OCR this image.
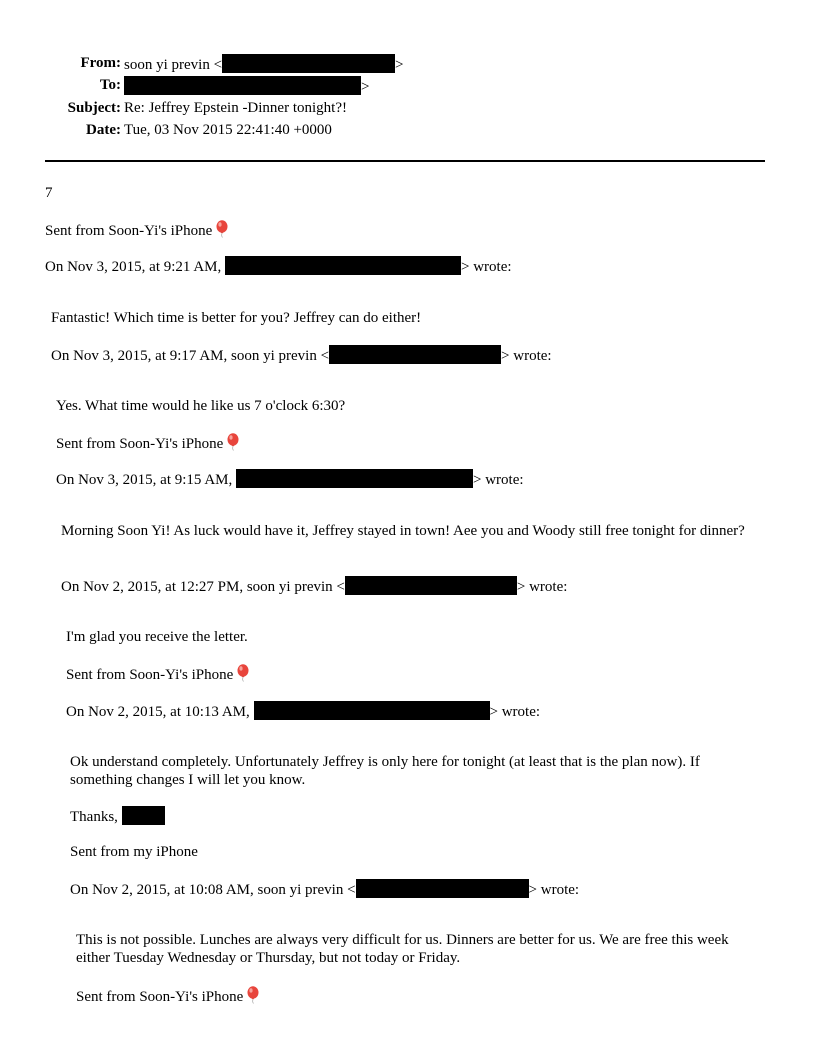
From: soon yi previn <	>
To:	>
Subject: Re: Jeffrey Epstein -Dinner tonight?!
Date: Tue, 03 Nov 2015 22:41:40 +0000
7
Sent from Soon-Yi's iPhone
On Nov 3, 2015, at 9:21 AM,	> wrote:
Fantastic! Which time is better for you? Jeffrey can do either!
On Nov 3, 2015, at 9:17 AM, soon yi previn <	> wrote:
Yes. What time would he like us 7 o'clock 6:30?
Sent from Soon-Yi's iPhone
On Nov 3, 2015, at 9:15 AM,	> wrote:
Morning Soon Yi! As luck would have it, Jeffrey stayed in town! Aee you and Woody still free tonight for dinner?
On Nov 2, 2015, at 12:27 PM, soon yi previn <	> wrote:
I'm glad you receive the letter.
Sent from Soon-Yi's iPhone
On Nov 2, 2015, at 10:13 AM,	> wrote:
Ok understand completely. Unfortunately Jeffrey is only here for tonight (at least that is the plan now). If something changes I will let you know.
Thanks,
Sent from my iPhone
On Nov 2, 2015, at 10:08 AM, soon yi previn <	> wrote:
This is not possible. Lunches are always very difficult for us. Dinners are better for us. We are free this week either Tuesday Wednesday or Thursday, but not today or Friday.
Sent from Soon-Yi's iPhone
